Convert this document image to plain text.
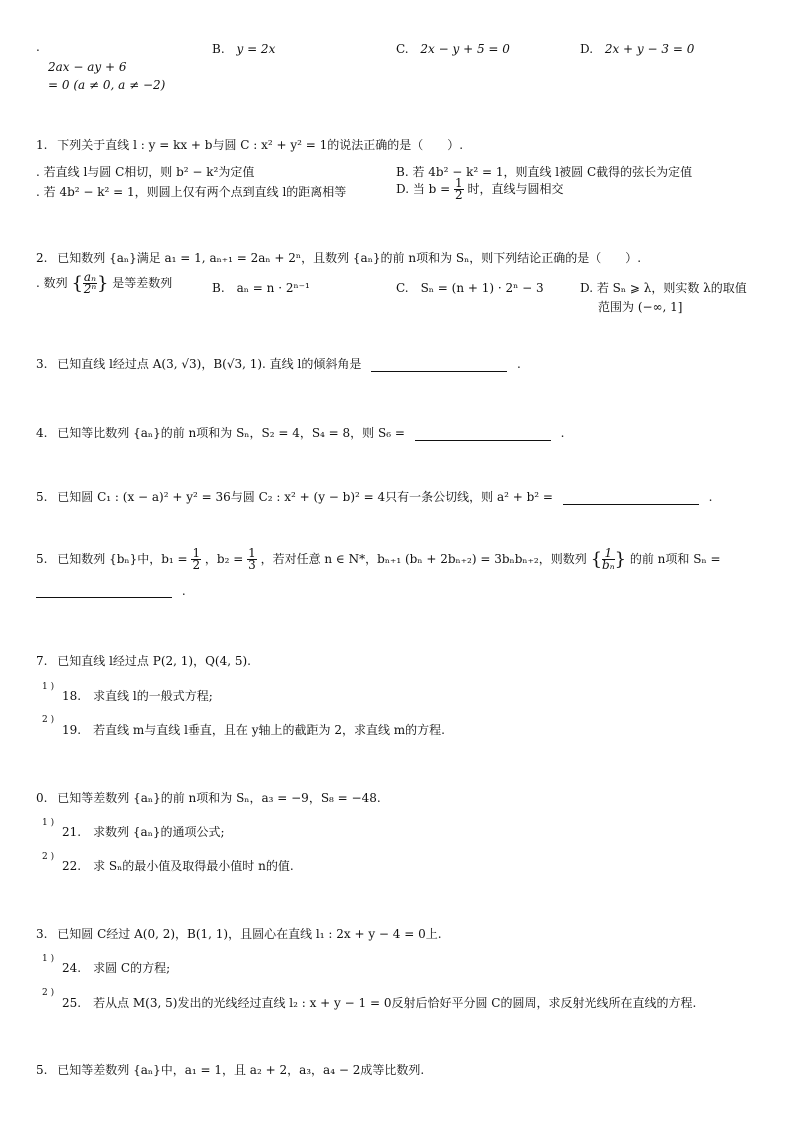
.
2ax − ay + 6
= 0 (a ≠ 0, a ≠ −2)
B. y = 2x	C. 2x − y + 5 = 0	D. 2x + y − 3 = 0
1. 下列关于直线 l : y = kx + b与圆 C : x² + y² = 1的说法正确的是（　　）.
. 若直线 l与圆 C相切，则 b² − k²为定值	B. 若 4b² − k² = 1，则直线 l被圆 C截得的弦长为定值
. 若 4b² − k² = 1，则圆上仅有两个点到直线 l的距离相等	D. 当 $b = \frac{1}{2}$ 时，直线与圆相交
2. 已知数列 {aₙ}满足 a₁ = 1, aₙ₊₁ = 2aₙ + 2ⁿ，且数列 {aₙ}的前 n项和为 Sₙ，则下列结论正确的是（　　）.
. 数列 { $\frac{\text{aₙ}}{\text{2ⁿ}}$ } 是等差数列	B.　aₙ = n · 2ⁿ⁻¹	C.　Sₙ = (n + 1) · 2ⁿ − 3	D. 若 Sₙ ⩾ λ，则实数 λ的取值
范围为 (−∞, 1]
3. 已知直线 l经过点 A(3, √3)，B(√3, 1). 直线 l的倾斜角是	.
4. 已知等比数列 {aₙ}的前 n项和为 Sₙ，S₂ = 4，S₄ = 8，则 S₆ =	.
5. 已知圆 C₁ : (x − a)² + y² = 36与圆 C₂ : x² + (y − b)² = 4只有一条公切线，则 a² + b² =	.
5. 已知数列 {bₙ}中，$b_1 = \frac{1}{2}$ ，$b_2 = \frac{1}{3}$ ，若对任意 n ∈ N*，bₙ₊₁ (bₙ + 2bₙ₊₂) = 3bₙbₙ₊₂，则数列 { $\frac{1}{\text{bₙ}}$ } 的前 n项和 Sₙ =
.
7. 已知直线 l经过点 P(2, 1)，Q(4, 5).
1 )
18.　求直线 l的一般式方程;
2 )
19.　若直线 m与直线 l垂直，且在 y轴上的截距为 2，求直线 m的方程.
0. 已知等差数列 {aₙ}的前 n项和为 Sₙ，a₃ = −9，S₈ = −48.
1 )
21.　求数列 {aₙ}的通项公式;
2 )
22.　求 Sₙ的最小值及取得最小值时 n的值.
3. 已知圆 C经过 A(0, 2)，B(1, 1)，且圆心在直线 l₁ : 2x + y − 4 = 0上.
1 )
24.　求圆 C的方程;
2 )
25.　若从点 M(3, 5)发出的光线经过直线 l₂ : x + y − 1 = 0反射后恰好平分圆 C的圆周，求反射光线所在直线的方程.
5. 已知等差数列 {aₙ}中，a₁ = 1，且 a₂ + 2，a₃，a₄ − 2成等比数列.
